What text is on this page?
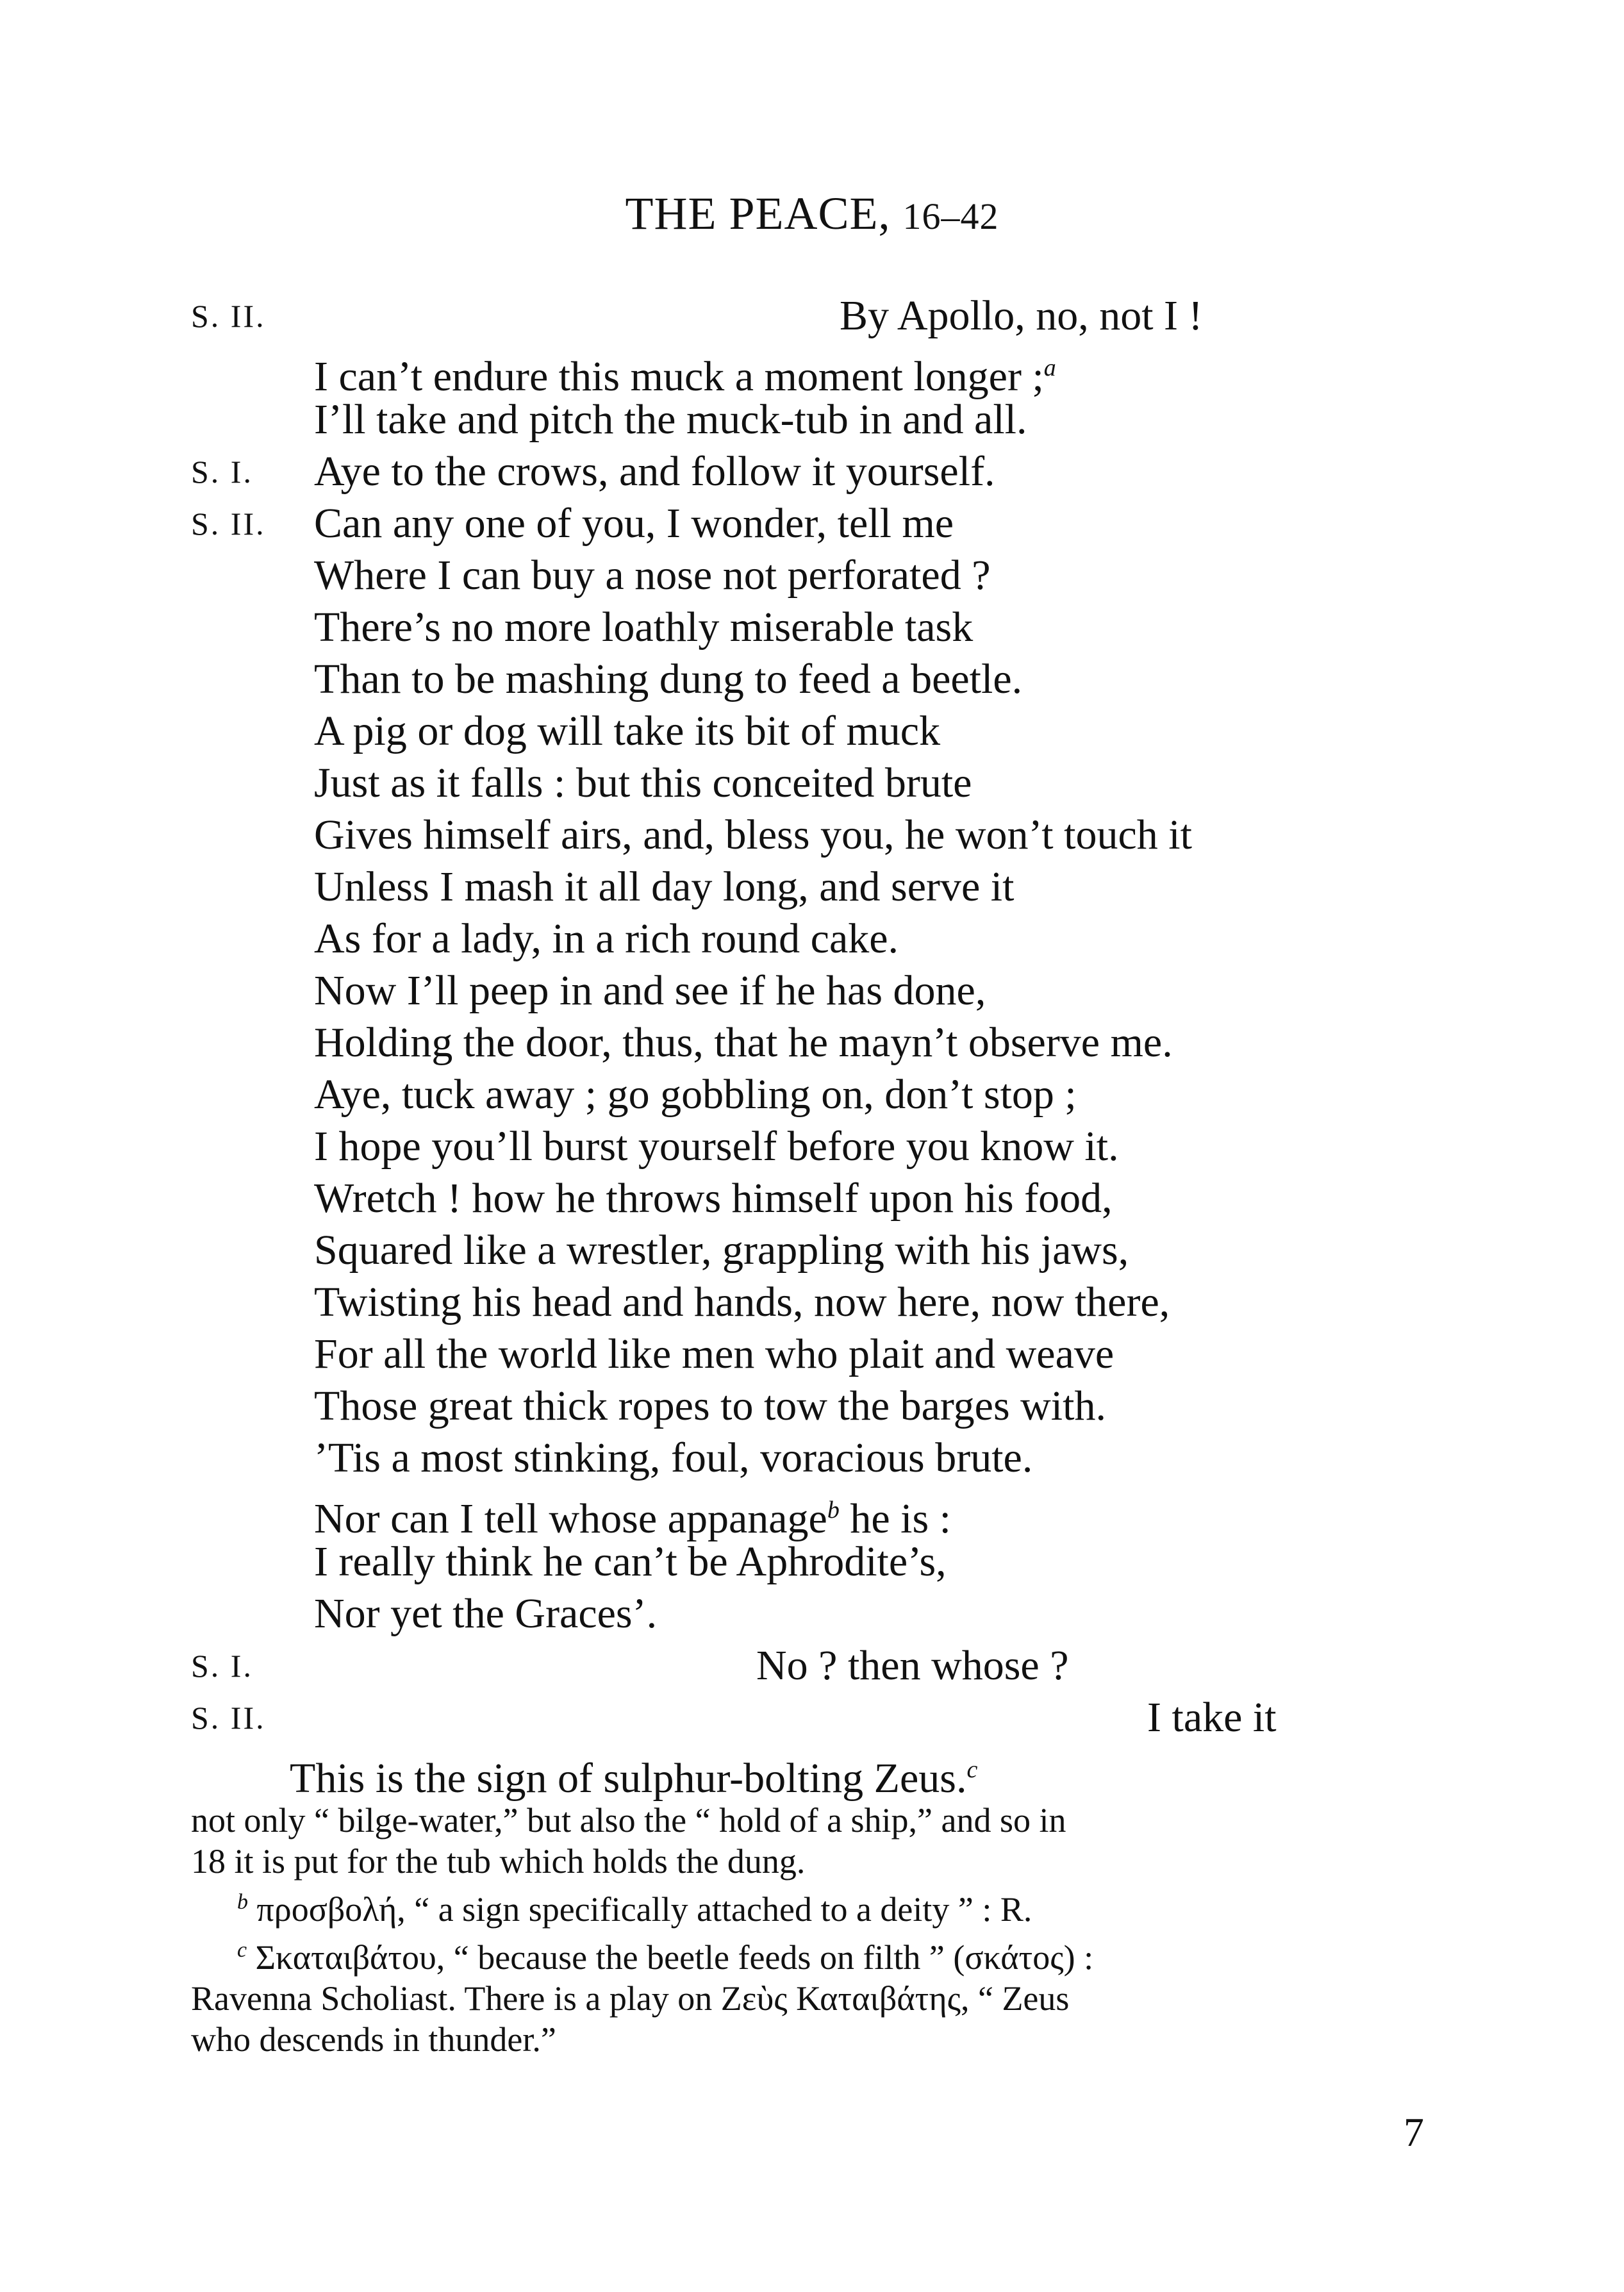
THE PEACE, 16–42
S. II.	By Apollo, no, not I !
I can’t endure this muck a moment longer ;$^a$
I’ll take and pitch the muck-tub in and all.
S. I. Aye to the crows, and follow it yourself.
S. II. Can any one of you, I wonder, tell me
Where I can buy a nose not perforated ?
There’s no more loathly miserable task
Than to be mashing dung to feed a beetle.
A pig or dog will take its bit of muck
Just as it falls : but this conceited brute
Gives himself airs, and, bless you, he won’t touch it
Unless I mash it all day long, and serve it
As for a lady, in a rich round cake.
Now I’ll peep in and see if he has done,
Holding the door, thus, that he mayn’t observe me.
Aye, tuck away ; go gobbling on, don’t stop ;
I hope you’ll burst yourself before you know it.
Wretch ! how he throws himself upon his food,
Squared like a wrestler, grappling with his jaws,
Twisting his head and hands, now here, now there,
For all the world like men who plait and weave
Those great thick ropes to tow the barges with.
’Tis a most stinking, foul, voracious brute.
Nor can I tell whose appanage$^b$ he is :
I really think he can’t be Aphrodite’s,
Nor yet the Graces’.
S. I.	No ? then whose ?
S. II.	I take it
This is the sign of sulphur-bolting Zeus.$^c$
not only “ bilge-water,” but also the “ hold of a ship,” and so in
18 it is put for the tub which holds the dung.
$^b$ προσβολή, “ a sign specifically attached to a deity ” : R.
$^c$ Σκαταιβάτου, “ because the beetle feeds on filth ” (σκάτος) :
Ravenna Scholiast. There is a play on Ζεὺς Καταιβάτης, “ Zeus
who descends in thunder.”
7
